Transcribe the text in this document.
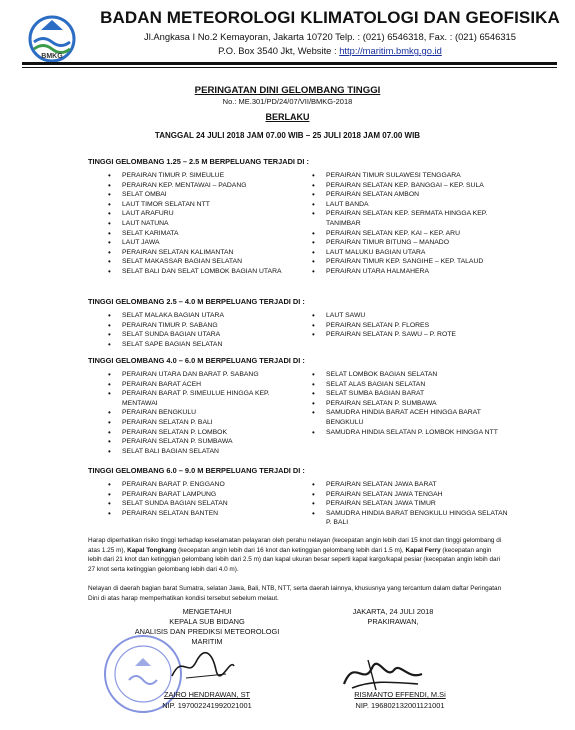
BMKG
BADAN METEOROLOGI KLIMATOLOGI DAN GEOFISIKA
Jl.Angkasa I No.2 Kemayoran, Jakarta 10720 Telp. : (021) 6546318, Fax. : (021) 6546315
P.O. Box 3540 Jkt, Website : http://maritim.bmkg.go.id
PERINGATAN DINI GELOMBANG TINGGI
No.: ME.301/PD/24/07/VII/BMKG-2018
BERLAKU
TANGGAL 24 JULI 2018 JAM 07.00 WIB – 25 JULI 2018 JAM 07.00 WIB
TINGGI GELOMBANG 1.25 – 2.5 M BERPELUANG TERJADI DI :
• PERAIRAN TIMUR P. SIMEULUE
• PERAIRAN KEP. MENTAWAI – PADANG
• SELAT OMBAI
• LAUT TIMOR SELATAN NTT
• LAUT ARAFURU
• LAUT NATUNA
• SELAT KARIMATA
• LAUT JAWA
• PERAIRAN SELATAN KALIMANTAN
• SELAT MAKASSAR BAGIAN SELATAN
• SELAT BALI DAN SELAT LOMBOK BAGIAN UTARA
• PERAIRAN TIMUR SULAWESI TENGGARA
• PERAIRAN SELATAN KEP. BANGGAI – KEP. SULA
• PERAIRAN SELATAN AMBON
• LAUT BANDA
• PERAIRAN SELATAN KEP. SERMATA HINGGA KEP. TANIMBAR
• PERAIRAN SELATAN KEP. KAI – KEP. ARU
• PERAIRAN TIMUR BITUNG – MANADO
• LAUT MALUKU BAGIAN UTARA
• PERAIRAN TIMUR KEP. SANGIHE – KEP. TALAUD
• PERAIRAN UTARA HALMAHERA
TINGGI GELOMBANG 2.5 – 4.0 M BERPELUANG TERJADI DI :
• SELAT MALAKA BAGIAN UTARA
• PERAIRAN TIMUR P. SABANG
• SELAT SUNDA BAGIAN UTARA
• SELAT SAPE BAGIAN SELATAN
• LAUT SAWU
• PERAIRAN SELATAN P. FLORES
• PERAIRAN SELATAN P. SAWU – P. ROTE
TINGGI GELOMBANG 4.0 – 6.0 M BERPELUANG TERJADI DI :
• PERAIRAN UTARA DAN BARAT P. SABANG
• PERAIRAN BARAT ACEH
• PERAIRAN BARAT P. SIMEULUE HINGGA KEP. MENTAWAI
• PERAIRAN BENGKULU
• PERAIRAN SELATAN P. BALI
• PERAIRAN SELATAN P. LOMBOK
• PERAIRAN SELATAN P. SUMBAWA
• SELAT BALI BAGIAN SELATAN
• SELAT LOMBOK BAGIAN SELATAN
• SELAT ALAS BAGIAN SELATAN
• SELAT SUMBA BAGIAN BARAT
• PERAIRAN SELATAN P. SUMBAWA
• SAMUDRA HINDIA BARAT ACEH HINGGA BARAT BENGKULU
• SAMUDRA HINDIA SELATAN P. LOMBOK HINGGA NTT
TINGGI GELOMBANG 6.0 – 9.0 M BERPELUANG TERJADI DI :
• PERAIRAN BARAT P. ENGGANO
• PERAIRAN BARAT LAMPUNG
• SELAT SUNDA BAGIAN SELATAN
• PERAIRAN SELATAN BANTEN
• PERAIRAN SELATAN JAWA BARAT
• PERAIRAN SELATAN JAWA TENGAH
• PERAIRAN SELATAN JAWA TIMUR
• SAMUDRA HINDIA BARAT BENGKULU HINGGA SELATAN P. BALI
Harap diperhatikan risiko tinggi terhadap keselamatan pelayaran oleh perahu nelayan (kecepatan angin lebih dari 15 knot dan tinggi gelombang di atas 1.25 m), Kapal Tongkang (kecepatan angin lebih dari 16 knot dan ketinggian gelombang lebih dari 1.5 m), Kapal Ferry (kecepatan angin lebih dari 21 knot dan ketinggian gelombang lebih dari 2.5 m) dan kapal ukuran besar seperti kapal kargo/kapal pesiar (kecepatan angin lebih dari 27 knot serta ketinggian gelombang lebih dari 4.0 m).
Nelayan di daerah bagian barat Sumatra, selatan Jawa, Bali, NTB, NTT, serta daerah lainnya, khususnya yang tercantum dalam daftar Peringatan Dini di atas harap memperhatikan kondisi tersebut sebelum melaut.
MENGETAHUI
KEPALA SUB BIDANG
ANALISIS DAN PREDIKSI METEOROLOGI
MARITIM
JAKARTA, 24 JULI 2018
PRAKIRAWAN,
ZAIRO HENDRAWAN, ST
NIP. 197002241992021001
RISMANTO EFFENDI, M.Si
NIP. 196802132001121001
